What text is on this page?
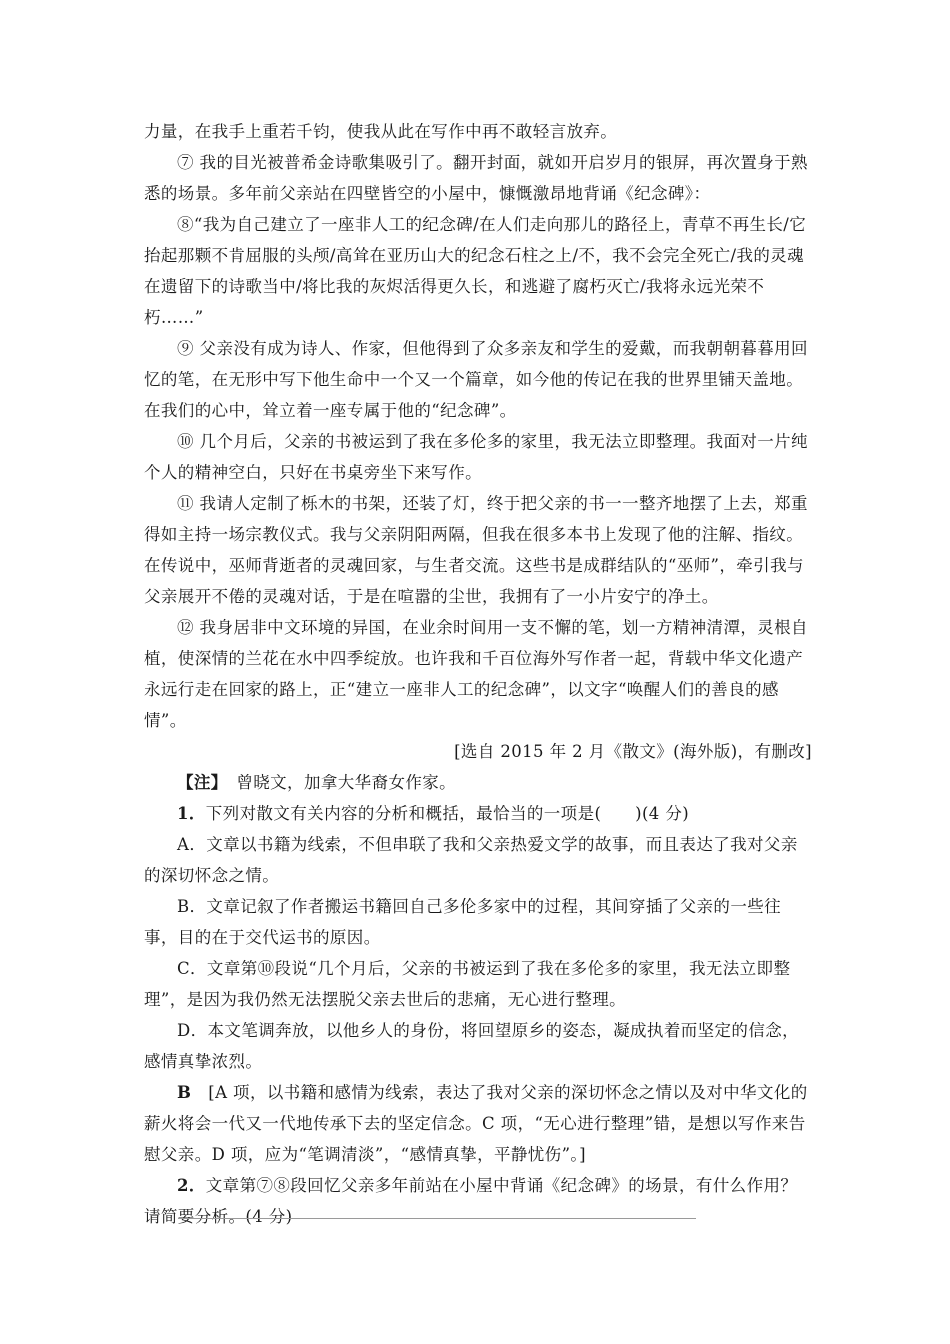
力量，在我手上重若千钧，使我从此在写作中再不敢轻言放弃。

⑦ 我的目光被普希金诗歌集吸引了。翻开封面，就如开启岁月的银屏，再次置身于熟悉的场景。多年前父亲站在四壁皆空的小屋中，慷慨激昂地背诵《纪念碑》：

⑧“我为自己建立了一座非人工的纪念碑/在人们走向那儿的路径上，青草不再生长/它抬起那颗不肯屈服的头颅/高耸在亚历山大的纪念石柱之上/不，我不会完全死亡/我的灵魂在遗留下的诗歌当中/将比我的灰烬活得更久长，和逃避了腐朽灭亡/我将永远光荣不朽……”

⑨ 父亲没有成为诗人、作家，但他得到了众多亲友和学生的爱戴，而我朝朝暮暮用回忆的笔，在无形中写下他生命中一个又一个篇章，如今他的传记在我的世界里铺天盖地。在我们的心中，耸立着一座专属于他的“纪念碑”。

⑩ 几个月后，父亲的书被运到了我在多伦多的家里，我无法立即整理。我面对一片纯个人的精神空白，只好在书桌旁坐下来写作。

⑪ 我请人定制了栎木的书架，还装了灯，终于把父亲的书一一整齐地摆了上去，郑重得如主持一场宗教仪式。我与父亲阴阳两隔，但我在很多本书上发现了他的注解、指纹。在传说中，巫师背逝者的灵魂回家，与生者交流。这些书是成群结队的“巫师”，牵引我与父亲展开不倦的灵魂对话，于是在喧嚣的尘世，我拥有了一小片安宁的净土。

⑫ 我身居非中文环境的异国，在业余时间用一支不懈的笔，划一方精神清潭，灵根自植，使深情的兰花在水中四季绽放。也许我和千百位海外写作者一起，背载中华文化遗产永远行走在回家的路上，正“建立一座非人工的纪念碑”，以文字“唤醒人们的善良的感情”。

[选自 2015 年 2 月《散文》(海外版)，有删改]

【注】　 曾晓文，加拿大华裔女作家。

1．下列对散文有关内容的分析和概括，最恰当的一项是(　　)(4 分)

A．文章以书籍为线索，不但串联了我和父亲热爱文学的故事，而且表达了我对父亲的深切怀念之情。

B．文章记叙了作者搬运书籍回自己多伦多家中的过程，其间穿插了父亲的一些往事，目的在于交代运书的原因。

C．文章第⑩段说“几个月后，父亲的书被运到了我在多伦多的家里，我无法立即整理”，是因为我仍然无法摆脱父亲去世后的悲痛，无心进行整理。

D．本文笔调奔放，以他乡人的身份，将回望原乡的姿态，凝成执着而坚定的信念，感情真挚浓烈。

B　[A 项，以书籍和感情为线索，表达了我对父亲的深切怀念之情以及对中华文化的薪火将会一代又一代地传承下去的坚定信念。C 项，“无心进行整理”错，是想以写作来告慰父亲。D 项，应为“笔调清淡”，“感情真挚，平静忧伤”。]

2．文章第⑦⑧段回忆父亲多年前站在小屋中背诵《纪念碑》的场景，有什么作用？请简要分析。(4 分)
